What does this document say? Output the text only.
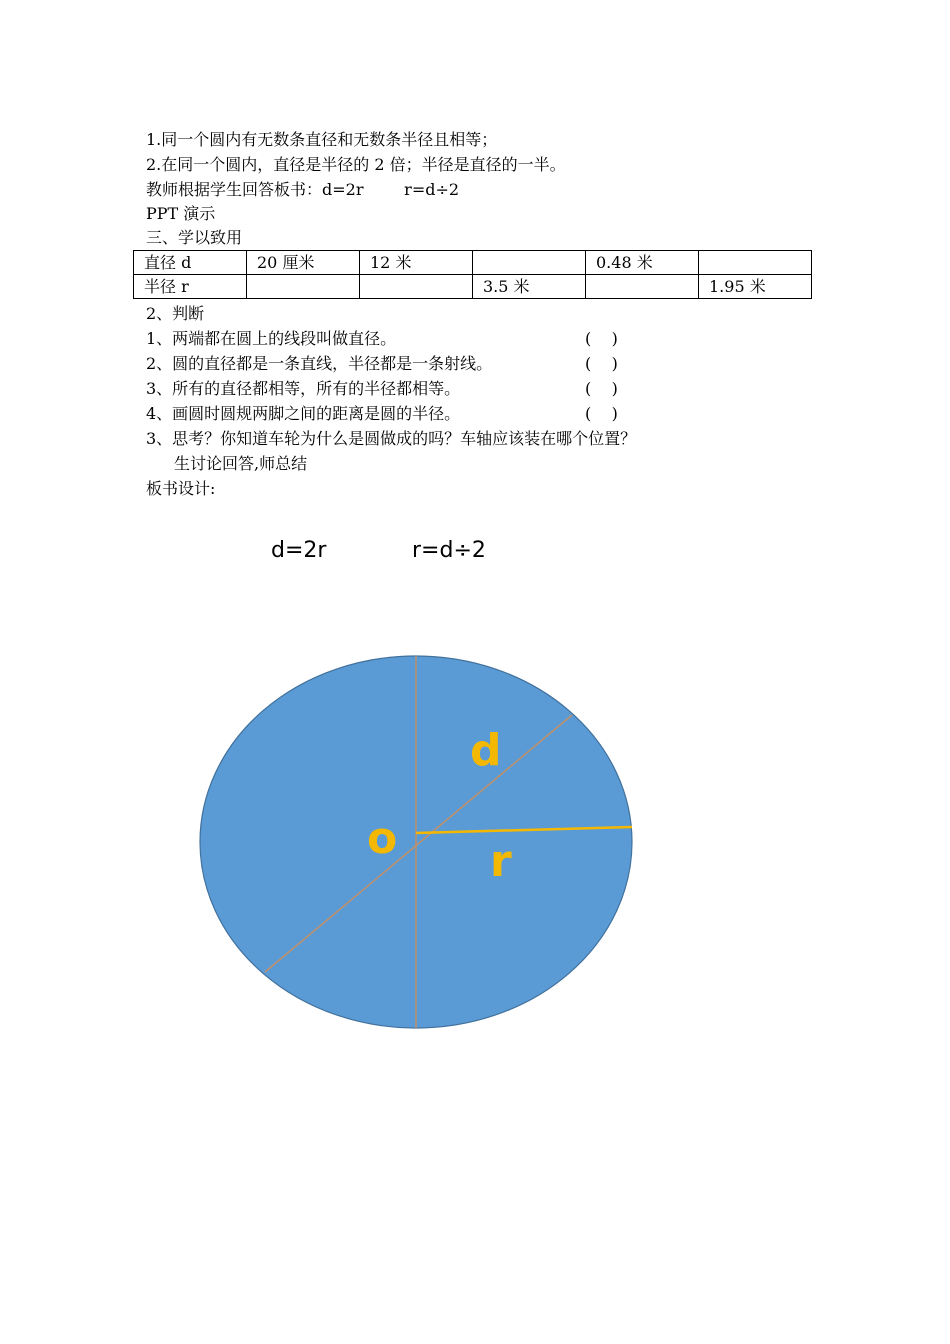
1.同一个圆内有无数条直径和无数条半径且相等；
2.在同一个圆内，直径是半径的 2 倍；半径是直径的一半。
教师根据学生回答板书：d=2r        r=d÷2
PPT 演示
三、学以致用
直径 d	20 厘米	12 米		0.48 米	
半径 r			3.5 米		1.95 米
2、判断
1、两端都在圆上的线段叫做直径。	(    )
2、圆的直径都是一条直线，半径都是一条射线。	(    )
3、所有的直径都相等，所有的半径都相等。	(    )
4、画圆时圆规两脚之间的距离是圆的半径。	(    )
3、思考？你知道车轮为什么是圆做成的吗？车轴应该装在哪个位置？
生讨论回答,师总结
板书设计:
d=2r	r=d÷2
d
o r
